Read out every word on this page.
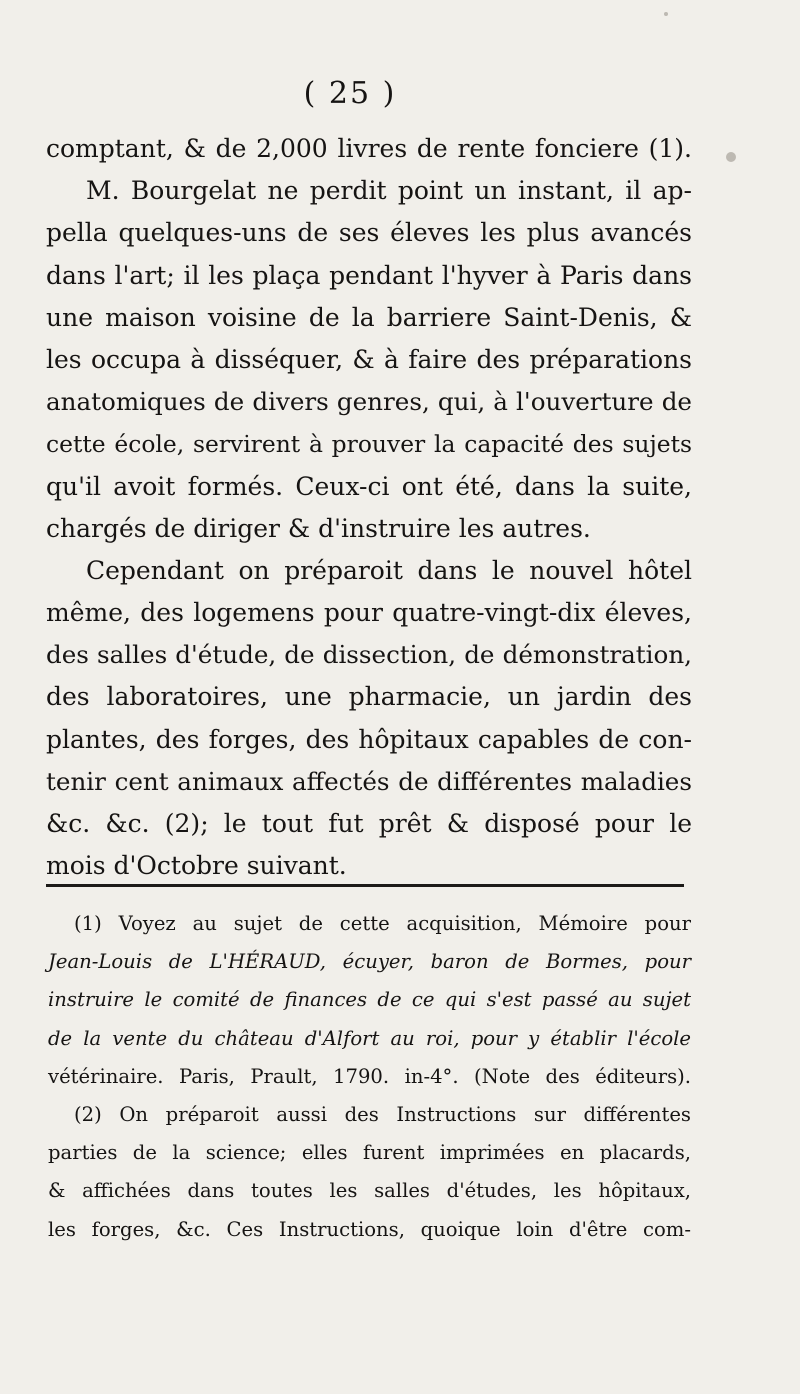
( 25 )
comptant, & de 2,000 livres de rente fonciere (1).
M. Bourgelat ne perdit point un instant, il ap-
pella quelques-uns de ses éleves les plus avancés
dans l'art; il les plaça pendant l'hyver à Paris dans
une maison voisine de la barriere Saint-Denis, &
les occupa à disséquer, & à faire des préparations
anatomiques de divers genres, qui, à l'ouverture de
cette école, servirent à prouver la capacité des sujets
qu'il avoit formés. Ceux-ci ont été, dans la suite,
chargés de diriger & d'instruire les autres.
Cependant on préparoit dans le nouvel hôtel
même, des logemens pour quatre-vingt-dix éleves,
des salles d'étude, de dissection, de démonstration,
des laboratoires, une pharmacie, un jardin des
plantes, des forges, des hôpitaux capables de con-
tenir cent animaux affectés de différentes maladies
&c. &c. (2); le tout fut prêt & disposé pour le
mois d'Octobre suivant.
(1) Voyez au sujet de cette acquisition, Mémoire pour
Jean-Louis de L'HÉRAUD, écuyer, baron de Bormes, pour
instruire le comité de finances de ce qui s'est passé au sujet
de la vente du château d'Alfort au roi, pour y établir l'école
vétérinaire. Paris, Prault, 1790. in-4°. (Note des éditeurs).
(2) On préparoit aussi des Instructions sur différentes
parties de la science; elles furent imprimées en placards,
& affichées dans toutes les salles d'études, les hôpitaux,
les forges, &c. Ces Instructions, quoique loin d'être com-
